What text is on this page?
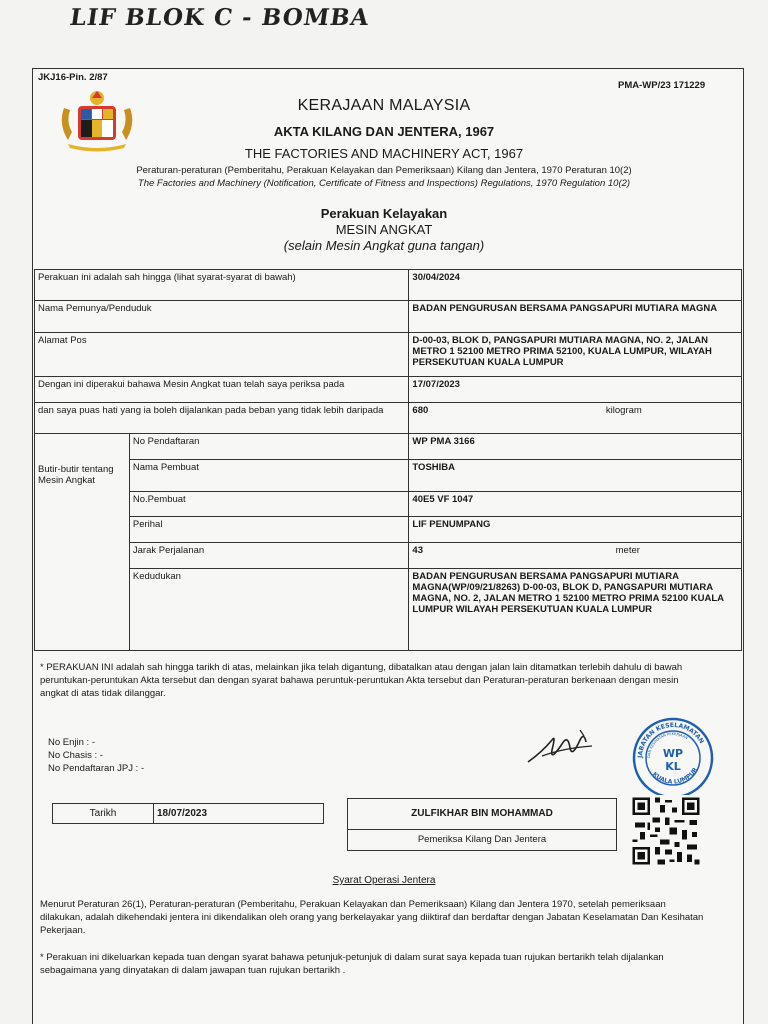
LIF BLOK C - BOMBA
JKJ16-Pin. 2/87
PMA-WP/23 171229
KERAJAAN MALAYSIA
AKTA KILANG DAN JENTERA, 1967
THE FACTORIES AND MACHINERY ACT, 1967
Peraturan-peraturan (Pemberitahu, Perakuan Kelayakan dan Pemeriksaan) Kilang dan Jentera, 1970 Peraturan 10(2)
The Factories and Machinery (Notification, Certificate of Fitness and Inspections) Regulations, 1970 Regulation 10(2)
Perakuan Kelayakan
MESIN ANGKAT
(selain Mesin Angkat guna tangan)
Perakuan ini adalah sah hingga (lihat syarat-syarat di bawah)		30/04/2024
Nama Pemunya/Penduduk		BADAN PENGURUSAN BERSAMA PANGSAPURI MUTIARA MAGNA
Alamat Pos		D-00-03, BLOK D, PANGSAPURI MUTIARA MAGNA, NO. 2, JALAN METRO 1 52100 METRO PRIMA 52100, KUALA LUMPUR, WILAYAH PERSEKUTUAN KUALA LUMPUR
Dengan ini diperakui bahawa Mesin Angkat tuan telah saya periksa pada		17/07/2023
dan saya puas hati yang ia boleh dijalankan pada beban yang tidak lebih daripada		680 kilogram
Butir-butir tentang Mesin Angkat	No Pendaftaran	WP PMA 3166
	Nama Pembuat	TOSHIBA
	No.Pembuat	40E5 VF 1047
	Perihal	LIF PENUMPANG
	Jarak Perjalanan	43 meter
	Kedudukan	BADAN PENGURUSAN BERSAMA PANGSAPURI MUTIARA MAGNA(WP/09/21/8263) D-00-03, BLOK D, PANGSAPURI MUTIARA MAGNA, NO. 2, JALAN METRO 1 52100 METRO PRIMA 52100 KUALA LUMPUR WILAYAH PERSEKUTUAN KUALA LUMPUR
* PERAKUAN INI adalah sah hingga tarikh di atas, melainkan jika telah digantung, dibatalkan atau dengan jalan lain ditamatkan terlebih dahulu di bawah peruntukan-peruntukan Akta tersebut dan dengan syarat bahawa peruntuk-peruntukan Akta tersebut dan Peraturan-peraturan berkenaan dengan mesin angkat di atas tidak dilanggar.
No Enjin : -
No Chasis : -
No Pendaftaran JPJ : -
JABATAN KESELAMATAN
DAN KESIHATAN PEKERJAAN
KUALA LUMPUR
WP
KL
Tarikh	18/07/2023	ZULFIKHAR BIN MOHAMMAD
Pemeriksa Kilang Dan Jentera
Syarat Operasi Jentera
Menurut Peraturan 26(1), Peraturan-peraturan (Pemberitahu, Perakuan Kelayakan dan Pemeriksaan) Kilang dan Jentera 1970, setelah pemeriksaan dilakukan, adalah dikehendaki jentera ini dikendalikan oleh orang yang berkelayakar yang diiktiraf dan berdaftar dengan Jabatan Keselamatan Dan Kesihatan Pekerjaan.
* Perakuan ini dikeluarkan kepada tuan dengan syarat bahawa petunjuk-petunjuk di dalam surat saya kepada tuan rujukan bertarikh telah dijalankan sebagaimana yang dinyatakan di dalam jawapan tuan rujukan bertarikh .
